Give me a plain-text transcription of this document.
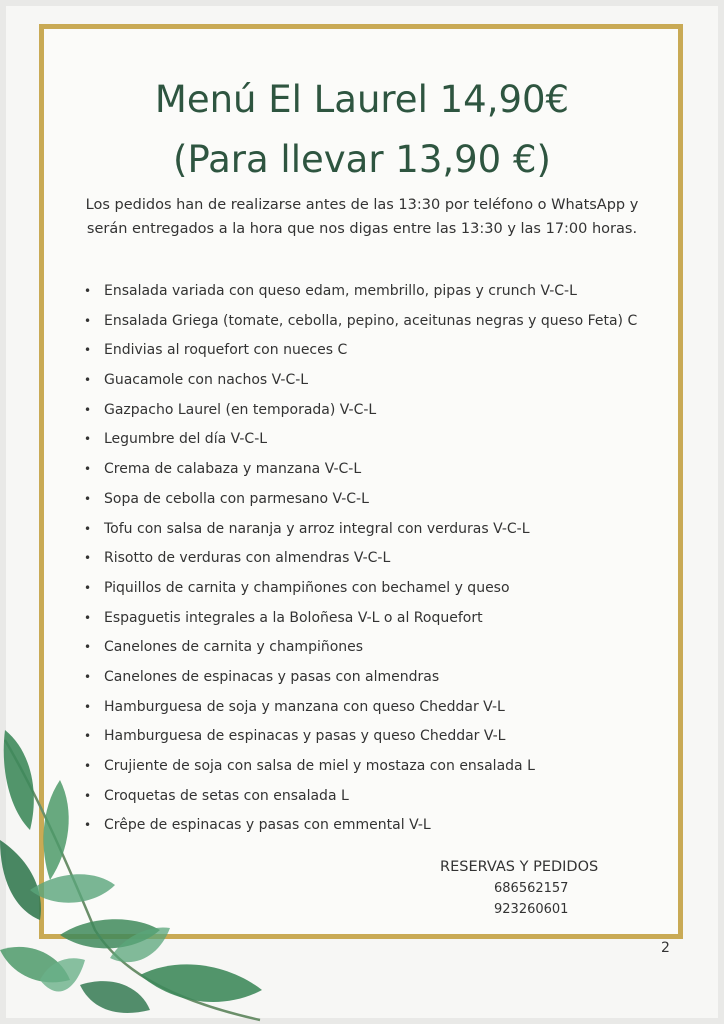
Menú El Laurel 14,90€
(Para llevar 13,90 €)

Los pedidos han de realizarse antes de las 13:30 por teléfono o WhatsApp y serán entregados a la hora que nos digas entre las 13:30 y las 17:00 horas.

• Ensalada variada con queso edam, membrillo, pipas y crunch V-C-L
• Ensalada Griega (tomate, cebolla, pepino, aceitunas negras y queso Feta) C
• Endivias al roquefort con nueces C
• Guacamole con nachos V-C-L
• Gazpacho Laurel (en temporada) V-C-L
• Legumbre del día V-C-L
• Crema de calabaza y manzana V-C-L
• Sopa de cebolla con parmesano V-C-L
• Tofu con salsa de naranja y arroz integral con verduras V-C-L
• Risotto de verduras con almendras V-C-L
• Piquillos de carnita y champiñones con bechamel y queso
• Espaguetis integrales a la Boloñesa V-L o al Roquefort
• Canelones de carnita y champiñones
• Canelones de espinacas y pasas con almendras
• Hamburguesa de soja y manzana con queso Cheddar V-L
• Hamburguesa de espinacas y pasas y queso Cheddar V-L
• Crujiente de soja con salsa de miel y mostaza con ensalada L
• Croquetas de setas con ensalada L
• Crêpe de espinacas y pasas con emmental V-L
RESERVAS Y PEDIDOS
686562157
923260601
2
